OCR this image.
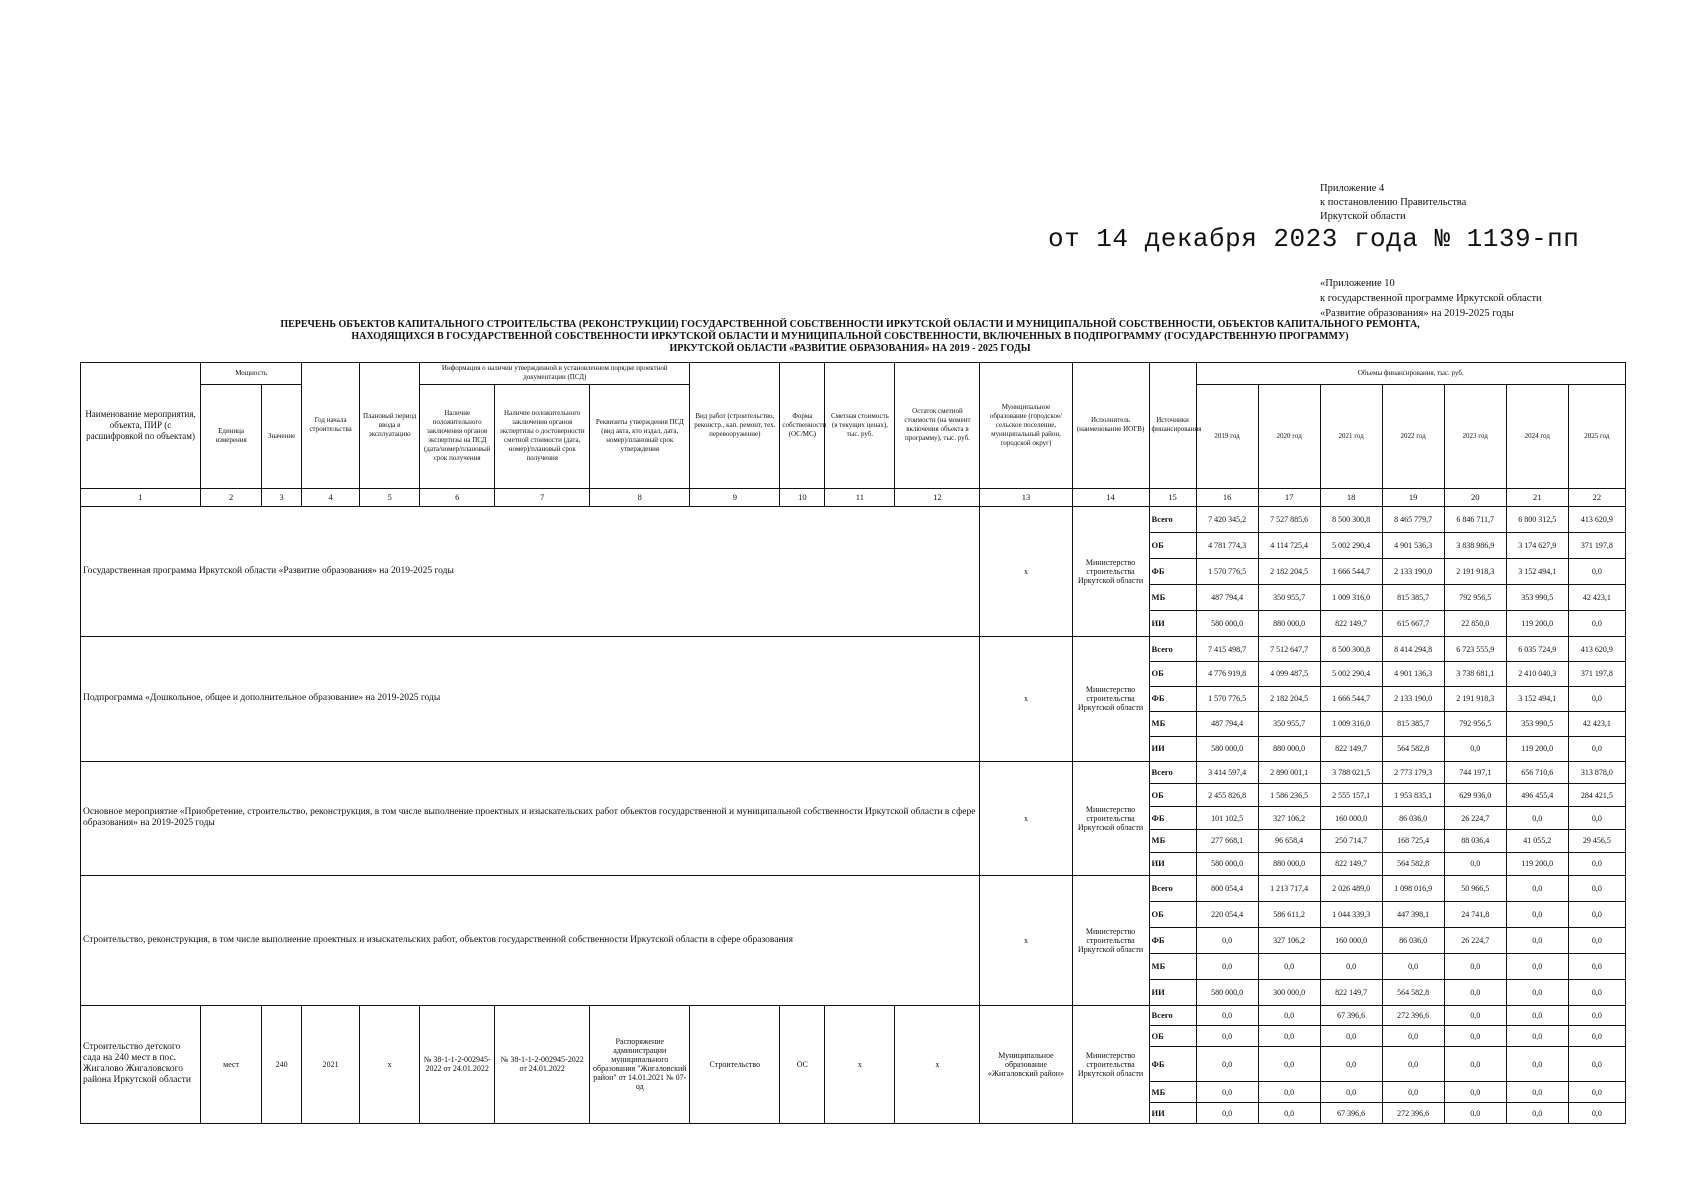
Приложение 4
к постановлению Правительства
Иркутской области
от 14 декабря 2023 года № 1139-пп
«Приложение 10
к государственной программе Иркутской области
«Развитие образования» на 2019-2025 годы
ПЕРЕЧЕНЬ ОБЪЕКТОВ КАПИТАЛЬНОГО СТРОИТЕЛЬСТВА (РЕКОНСТРУКЦИИ) ГОСУДАРСТВЕННОЙ СОБСТВЕННОСТИ ИРКУТСКОЙ ОБЛАСТИ И МУНИЦИПАЛЬНОЙ СОБСТВЕННОСТИ, ОБЪЕКТОВ КАПИТАЛЬНОГО РЕМОНТА,
НАХОДЯЩИХСЯ В ГОСУДАРСТВЕННОЙ СОБСТВЕННОСТИ ИРКУТСКОЙ ОБЛАСТИ И МУНИЦИПАЛЬНОЙ СОБСТВЕННОСТИ, ВКЛЮЧЕННЫХ В ПОДПРОГРАММУ (ГОСУДАРСТВЕННУЮ ПРОГРАММУ)
ИРКУТСКОЙ ОБЛАСТИ «РАЗВИТИЕ ОБРАЗОВАНИЯ» НА 2019 - 2025 ГОДЫ
Наименование мероприятия, объекта, ПИР (с расшифровкой по объектам)	Мощность		Год начала строительства	Плановый период ввода в эксплуатацию	Информация о наличии утвержденной в установленном порядке проектной документации (ПСД)			Вид работ (строительство, реконстр., кап. ремонт, тех. перевооружение)	Форма собственности (ОС/МС)	Сметная стоимость (в текущих ценах), тыс. руб.	Остаток сметной стоимости (на момент включения объекта в программу), тыс. руб.	Муниципальное образование (городское/сельское поселение, муниципальный район, городской округ)	Исполнитель (наименование ИОГВ)	Источники финансирования	Объемы финансирования, тыс. руб.						
	Единица измерения	Значение			Наличие положительного заключения органов экспертизы на ПСД (дата/номер/плановый срок получения	Наличие положительного заключения органов экспертизы о достоверности сметной стоимости (дата, номер)/плановый срок получения	Реквизиты утверждения ПСД (вид акта, кто издал, дата, номер)/плановый срок утверждения								2019 год	2020 год	2021 год	2022 год	2023 год	2024 год	2025 год
1	2	3	4	5	6	7	8	9	10	11	12	13	14	15	16	17	18	19	20	21	22
Государственная программа Иркутской области «Развитие образования» на 2019-2025 годы												х	Министерство строительства Иркутской области	Всего	7 420 345,2	7 527 885,6	8 500 300,8	8 465 779,7	6 846 711,7	6 800 312,5	413 620,9
														ОБ	4 781 774,3	4 114 725,4	5 002 290,4	4 901 536,3	3 838 986,9	3 174 627,9	371 197,8
														ФБ	1 570 776,5	2 182 204,5	1 666 544,7	2 133 190,0	2 191 918,3	3 152 494,1	0,0
														МБ	487 794,4	350 955,7	1 009 316,0	815 385,7	792 956,5	353 990,5	42 423,1
														ИИ	580 000,0	880 000,0	822 149,7	615 667,7	22 850,0	119 200,0	0,0
Подпрограмма «Дошкольное, общее и дополнительное образование» на 2019-2025 годы												х	Министерство строительства Иркутской области	Всего	7 415 498,7	7 512 647,7	8 500 300,8	8 414 294,8	6 723 555,9	6 035 724,9	413 620,9
														ОБ	4 776 919,8	4 099 487,5	5 002 290,4	4 901 136,3	3 738 681,1	2 410 040,3	371 197,8
														ФБ	1 570 776,5	2 182 204,5	1 666 544,7	2 133 190,0	2 191 918,3	3 152 494,1	0,0
														МБ	487 794,4	350 955,7	1 009 316,0	815 385,7	792 956,5	353 990,5	42 423,1
														ИИ	580 000,0	880 000,0	822 149,7	564 582,8	0,0	119 200,0	0,0
Основное мероприятие «Приобретение, строительство, реконструкция, в том числе выполнение проектных и изыскательских работ объектов государственной и муниципальной собственности Иркутской области в сфере образования» на 2019-2025 годы												х	Министерство строительства Иркутской области	Всего	3 414 597,4	2 890 001,1	3 788 021,5	2 773 179,3	744 197,1	656 710,6	313 878,0
														ОБ	2 455 826,8	1 586 236,5	2 555 157,1	1 953 835,1	629 936,0	496 455,4	284 421,5
														ФБ	101 102,5	327 106,2	160 000,0	86 036,0	26 224,7	0,0	0,0
														МБ	277 668,1	96 658,4	250 714,7	168 725,4	88 036,4	41 055,2	29 456,5
														ИИ	580 000,0	880 000,0	822 149,7	564 582,8	0,0	119 200,0	0,0
Строительство, реконструкция, в том числе выполнение проектных и изыскательских работ, объектов государственной собственности Иркутской области в сфере образования												х	Министерство строительства Иркутской области	Всего	800 054,4	1 213 717,4	2 026 489,0	1 098 016,9	50 966,5	0,0	0,0
														ОБ	220 054,4	586 611,2	1 044 339,3	447 398,1	24 741,8	0,0	0,0
														ФБ	0,0	327 106,2	160 000,0	86 036,0	26 224,7	0,0	0,0
														МБ	0,0	0,0	0,0	0,0	0,0	0,0	0,0
														ИИ	580 000,0	300 000,0	822 149,7	564 582,8	0,0	0,0	0,0
Строительство детского сада на 240 мест в пос. Жигалово Жигаловского района Иркутской области	мест	240	2021	х	№ 38-1-1-2-002945-2022 от 24.01.2022	№ 38-1-1-2-002945-2022 от 24.01.2022	Распоряжение администрации муниципального образования "Жигаловский район" от 14.01.2021 № 07-од	Строительство	ОС	х	х	Муниципальное образование «Жигаловский район»	Министерство строительства Иркутской области	Всего	0,0	0,0	67 396,6	272 396,6	0,0	0,0	0,0
														ОБ	0,0	0,0	0,0	0,0	0,0	0,0	0,0
														ФБ	0,0	0,0	0,0	0,0	0,0	0,0	0,0
														МБ	0,0	0,0	0,0	0,0	0,0	0,0	0,0
														ИИ	0,0	0,0	67 396,6	272 396,6	0,0	0,0	0,0
